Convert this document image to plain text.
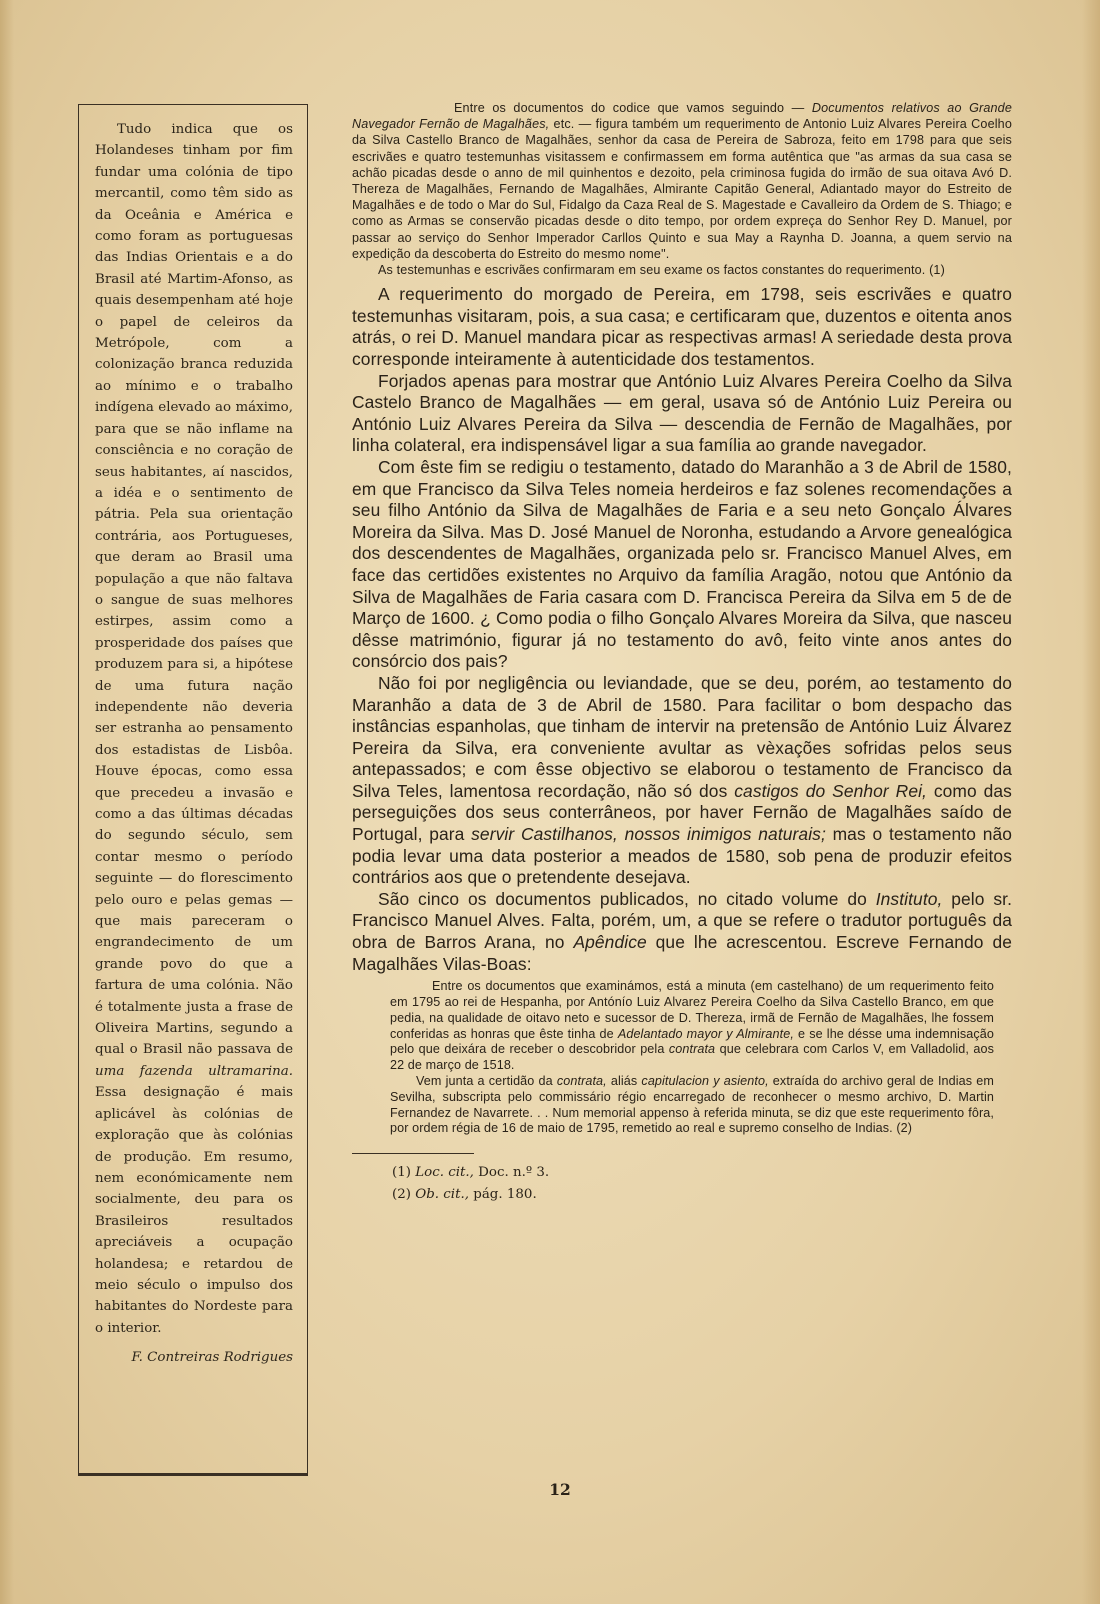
Tudo indica que os Holandeses tinham por fim fundar uma colónia de tipo mercantil, como têm sido as da Oceânia e América e como foram as portuguesas das Indias Orientais e a do Brasil até Martim-Afonso, as quais desempenham até hoje o papel de celeiros da Metrópole, com a colonização branca reduzida ao mínimo e o trabalho indígena elevado ao máximo, para que se não inflame na consciência e no coração de seus habitantes, aí nascidos, a idéa e o sentimento de pátria. Pela sua orientação contrária, aos Portugueses, que deram ao Brasil uma população a que não faltava o sangue de suas melhores estirpes, assim como a prosperidade dos países que produzem para si, a hipótese de uma futura nação independente não deveria ser estranha ao pensamento dos estadistas de Lisbôa. Houve épocas, como essa que precedeu a invasão e como a das últimas décadas do segundo século, sem contar mesmo o período seguinte — do florescimento pelo ouro e pelas gemas — que mais pareceram o engrandecimento de um grande povo do que a fartura de uma colónia. Não é totalmente justa a frase de Oliveira Martins, segundo a qual o Brasil não passava de uma fazenda ultramarina. Essa designação é mais aplicável às colónias de exploração que às colónias de produção. Em resumo, nem económicamente nem socialmente, deu para os Brasileiros resultados apreciáveis a ocupação holandesa; e retardou de meio século o impulso dos habitantes do Nordeste para o interior.

F. Contreiras Rodrigues

Entre os documentos do codice que vamos seguindo — Documentos relativos ao Grande Navegador Fernão de Magalhães, etc. — figura também um requerimento de Antonio Luiz Alvares Pereira Coelho da Silva Castello Branco de Magalhães, senhor da casa de Pereira de Sabroza, feito em 1798 para que seis escrivães e quatro testemunhas visitassem e confirmassem em forma autêntica que "as armas da sua casa se achão picadas desde o anno de mil quinhentos e dezoito, pela criminosa fugida do irmão de sua oitava Avó D. Thereza de Magalhães, Fernando de Magalhães, Almirante Capitão General, Adiantado mayor do Estreito de Magalhães e de todo o Mar do Sul, Fidalgo da Caza Real de S. Magestade e Cavalleiro da Ordem de S. Thiago; e como as Armas se conservão picadas desde o dito tempo, por ordem expreça do Senhor Rey D. Manuel, por passar ao serviço do Senhor Imperador Carllos Quinto e sua May a Raynha D. Joanna, a quem servio na expedição da descoberta do Estreito do mesmo nome".

As testemunhas e escrivães confirmaram em seu exame os factos constantes do requerimento. (1)

A requerimento do morgado de Pereira, em 1798, seis escrivães e quatro testemunhas visitaram, pois, a sua casa; e certificaram que, duzentos e oitenta anos atrás, o rei D. Manuel mandara picar as respectivas armas! A seriedade desta prova corresponde inteiramente à autenticidade dos testamentos.

Forjados apenas para mostrar que António Luiz Alvares Pereira Coelho da Silva Castelo Branco de Magalhães — em geral, usava só de António Luiz Pereira ou António Luiz Alvares Pereira da Silva — descendia de Fernão de Magalhães, por linha colateral, era indispensável ligar a sua família ao grande navegador.

Com êste fim se redigiu o testamento, datado do Maranhão a 3 de Abril de 1580, em que Francisco da Silva Teles nomeia herdeiros e faz solenes recomendações a seu filho António da Silva de Magalhães de Faria e a seu neto Gonçalo Álvares Moreira da Silva. Mas D. José Manuel de Noronha, estudando a Arvore genealógica dos descendentes de Magalhães, organizada pelo sr. Francisco Manuel Alves, em face das certidões existentes no Arquivo da família Aragão, notou que António da Silva de Magalhães de Faria casara com D. Francisca Pereira da Silva em 5 de de Março de 1600. ¿ Como podia o filho Gonçalo Alvares Moreira da Silva, que nasceu dêsse matrimónio, figurar já no testamento do avô, feito vinte anos antes do consórcio dos pais?

Não foi por negligência ou leviandade, que se deu, porém, ao testamento do Maranhão a data de 3 de Abril de 1580. Para facilitar o bom despacho das instâncias espanholas, que tinham de intervir na pretensão de António Luiz Álvarez Pereira da Silva, era conveniente avultar as vèxações sofridas pelos seus antepassados; e com êsse objectivo se elaborou o testamento de Francisco da Silva Teles, lamentosa recordação, não só dos castigos do Senhor Rei, como das perseguições dos seus conterrâneos, por haver Fernão de Magalhães saído de Portugal, para servir Castilhanos, nossos inimigos naturais; mas o testamento não podia levar uma data posterior a meados de 1580, sob pena de produzir efeitos contrários aos que o pretendente desejava.

São cinco os documentos publicados, no citado volume do Instituto, pelo sr. Francisco Manuel Alves. Falta, porém, um, a que se refere o tradutor português da obra de Barros Arana, no Apêndice que lhe acrescentou. Escreve Fernando de Magalhães Vilas-Boas:

Entre os documentos que examinámos, está a minuta (em castelhano) de um requerimento feito em 1795 ao rei de Hespanha, por Antónío Luiz Alvarez Pereira Coelho da Silva Castello Branco, em que pedia, na qualidade de oitavo neto e sucessor de D. Thereza, irmã de Fernão de Magalhães, lhe fossem conferidas as honras que êste tinha de Adelantado mayor y Almirante, e se lhe désse uma indemnisação pelo que deixára de receber o descobridor pela contrata que celebrara com Carlos V, em Valladolid, aos 22 de março de 1518.

Vem junta a certidão da contrata, aliás capitulacion y asiento, extraída do archivo geral de Indias em Sevilha, subscripta pelo commissário régio encarregado de reconhecer o mesmo archivo, D. Martin Fernandez de Navarrete. . . Num memorial appenso à referida minuta, se diz que este requerimento fôra, por ordem régia de 16 de maio de 1795, remetido ao real e supremo conselho de Indias. (2)

(1) Loc. cit., Doc. n.º 3.
(2) Ob. cit., pág. 180.
12
